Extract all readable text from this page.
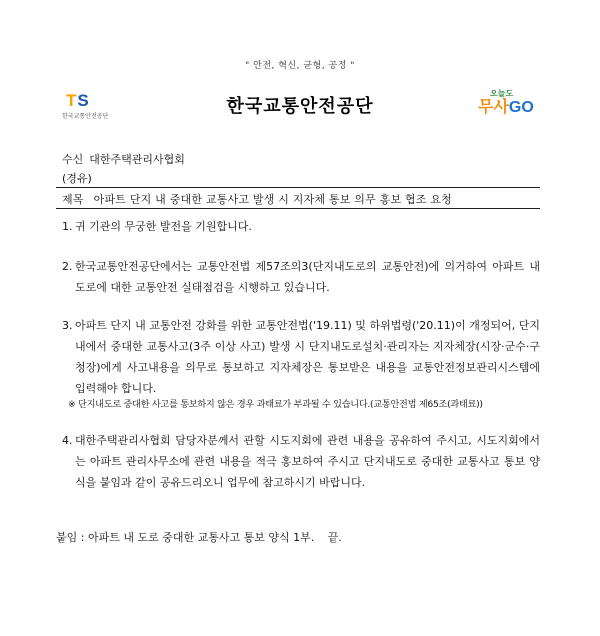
" 안전, 혁신, 균형, 공정 "
TS
한국교통안전공단	한국교통안전공단
오늘도
무사GO
수신 대한주택관리사협회
(경유)
제목 아파트 단지 내 중대한 교통사고 발생 시 지자체 통보 의무 홍보 협조 요청
1. 귀 기관의 무궁한 발전을 기원합니다.
2. 한국교통안전공단에서는 교통안전법 제57조의3(단지내도로의 교통안전)에 의거하여 아파트 내 도로에 대한 교통안전 실태점검을 시행하고 있습니다.
3. 아파트 단지 내 교통안전 강화를 위한 교통안전법('19.11) 및 하위법령('20.11)이 개정되어, 단지 내에서 중대한 교통사고(3주 이상 사고) 발생 시 단지내도로설치·관리자는 지자체장(시장·군수·구청장)에게 사고내용을 의무로 통보하고 지자체장은 통보받은 내용을 교통안전정보관리시스템에 입력해야 합니다.
※ 단지내도로 중대한 사고를 통보하지 않은 경우 과태료가 부과될 수 있습니다.(교통안전법 제65조(과태료))
4. 대한주택관리사협회 담당자분께서 관할 시도지회에 관련 내용을 공유하여 주시고, 시도지회에서는 아파트 관리사무소에 관련 내용을 적극 홍보하여 주시고 단지내도로 중대한 교통사고 통보 양식을 붙임과 같이 공유드리오니 업무에 참고하시기 바랍니다.
붙임 : 아파트 내 도로 중대한 교통사고 통보 양식 1부. 끝.
